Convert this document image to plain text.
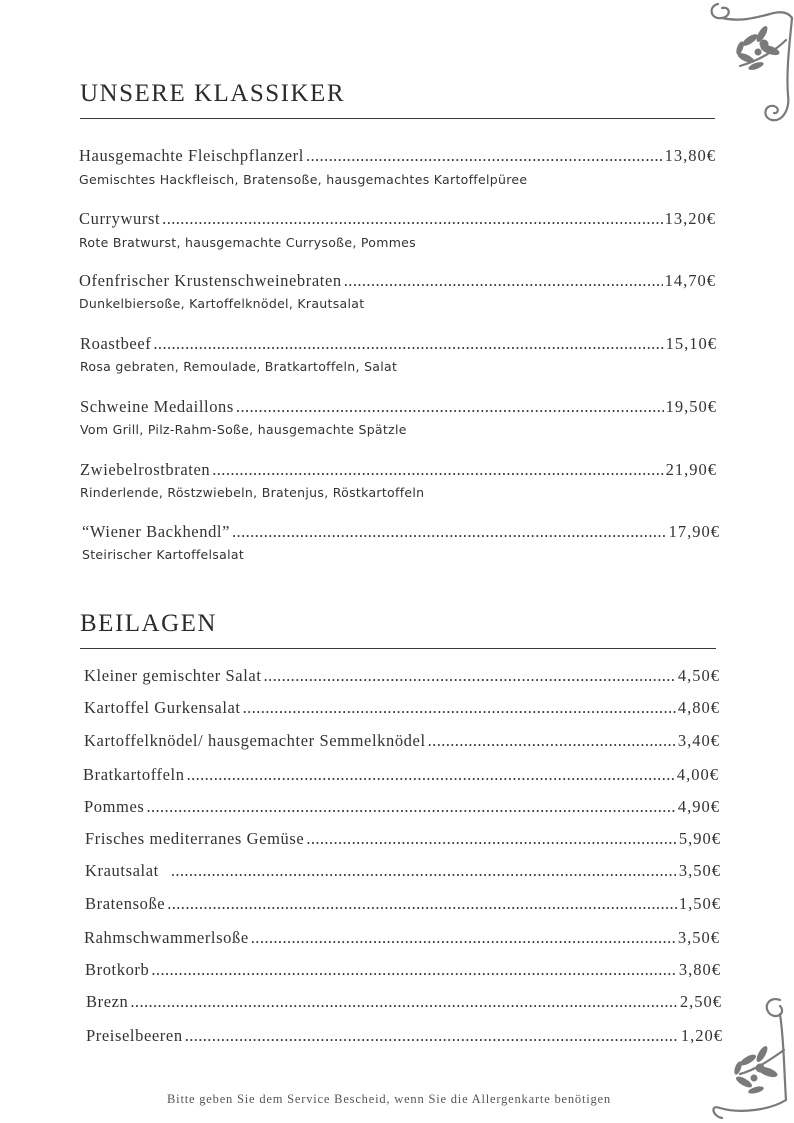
UNSERE KLASSIKER
Hausgemachte Fleischpflanzerl .....	13,80€
Gemischtes Hackfleisch, Bratensoße, hausgemachtes Kartoffelpüree
Currywurst .....	13,20€
Rote Bratwurst, hausgemachte Currysoße, Pommes
Ofenfrischer Krustenschweinebraten .....	14,70€
Dunkelbiersoße, Kartoffelknödel, Krautsalat
Roastbeef .....	15,10€
Rosa gebraten, Remoulade, Bratkartoffeln, Salat
Schweine Medaillons .....	19,50€
Vom Grill, Pilz-Rahm-Soße, hausgemachte Spätzle
Zwiebelrostbraten .....	21,90€
Rinderlende, Röstzwiebeln, Bratenjus, Röstkartoffeln
“Wiener Backhendl” .....	17,90€
Steirischer Kartoffelsalat
BEILAGEN
Kleiner gemischter Salat .....	4,50€
Kartoffel Gurkensalat .....	4,80€
Kartoffelknödel/ hausgemachter Semmelknödel .....	3,40€
Bratkartoffeln .....	4,00€
Pommes .....	4,90€
Frisches mediterranes Gemüse .....	5,90€
Krautsalat .....	3,50€
Bratensoße .....	1,50€
Rahmschwammerlsoße .....	3,50€
Brotkorb .....	3,80€
Brezn .....	2,50€
Preiselbeeren .....	1,20€
Bitte geben Sie dem Service Bescheid, wenn Sie die Allergenkarte benötigen
